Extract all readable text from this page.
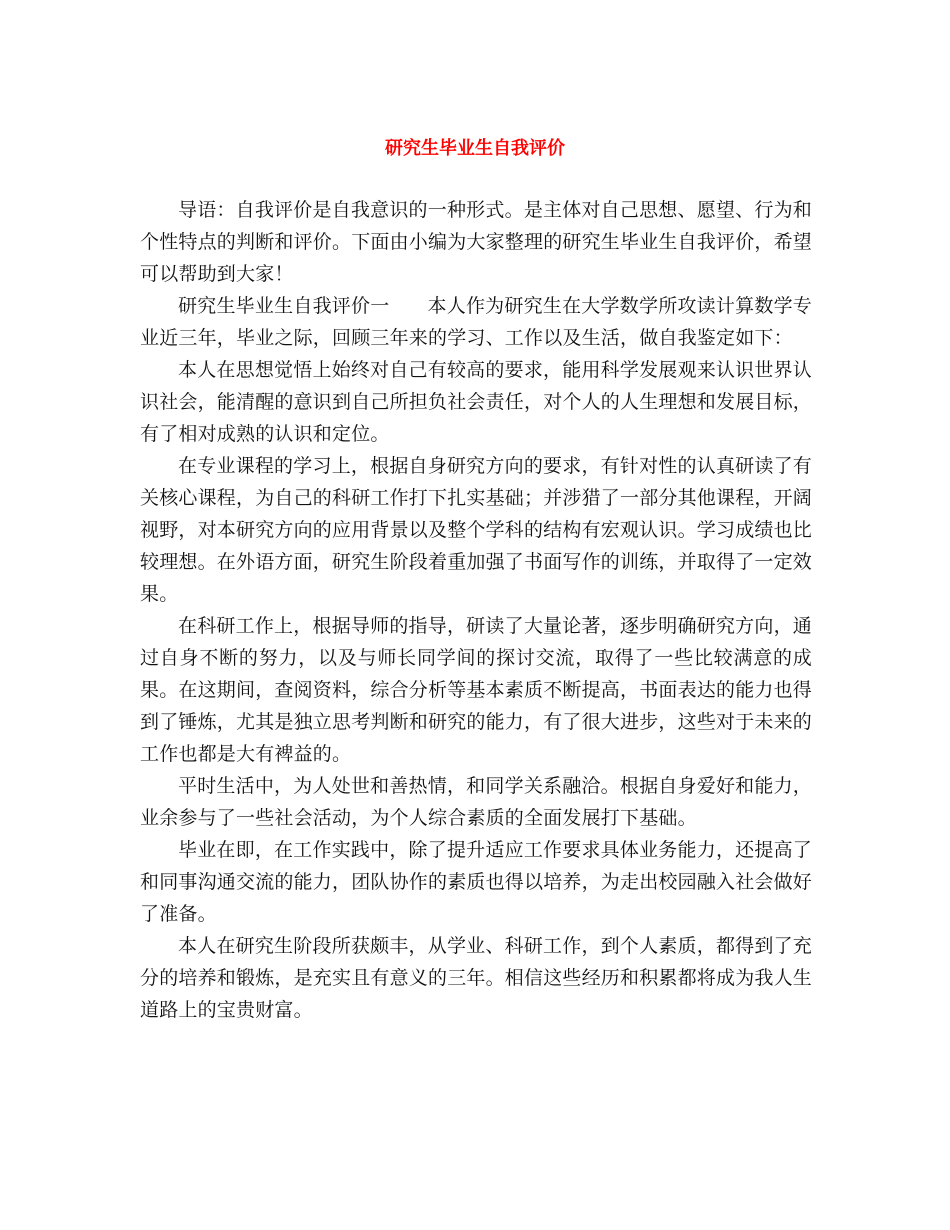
研究生毕业生自我评价

导语：自我评价是自我意识的一种形式。是主体对自己思想、愿望、行为和个性特点的判断和评价。下面由小编为大家整理的研究生毕业生自我评价，希望可以帮助到大家！

研究生毕业生自我评价一 本人作为研究生在大学数学所攻读计算数学专业近三年，毕业之际，回顾三年来的学习、工作以及生活，做自我鉴定如下：

本人在思想觉悟上始终对自己有较高的要求，能用科学发展观来认识世界认识社会，能清醒的意识到自己所担负社会责任，对个人的人生理想和发展目标，有了相对成熟的认识和定位。

在专业课程的学习上，根据自身研究方向的要求，有针对性的认真研读了有关核心课程，为自己的科研工作打下扎实基础；并涉猎了一部分其他课程，开阔视野，对本研究方向的应用背景以及整个学科的结构有宏观认识。学习成绩也比较理想。在外语方面，研究生阶段着重加强了书面写作的训练，并取得了一定效果。

在科研工作上，根据导师的指导，研读了大量论著，逐步明确研究方向，通过自身不断的努力，以及与师长同学间的探讨交流，取得了一些比较满意的成果。在这期间，查阅资料，综合分析等基本素质不断提高，书面表达的能力也得到了锤炼，尤其是独立思考判断和研究的能力，有了很大进步，这些对于未来的工作也都是大有裨益的。

平时生活中，为人处世和善热情，和同学关系融洽。根据自身爱好和能力，业余参与了一些社会活动，为个人综合素质的全面发展打下基础。

毕业在即，在工作实践中，除了提升适应工作要求具体业务能力，还提高了和同事沟通交流的能力，团队协作的素质也得以培养，为走出校园融入社会做好了准备。

本人在研究生阶段所获颇丰，从学业、科研工作，到个人素质，都得到了充分的培养和锻炼，是充实且有意义的三年。相信这些经历和积累都将成为我人生道路上的宝贵财富。
